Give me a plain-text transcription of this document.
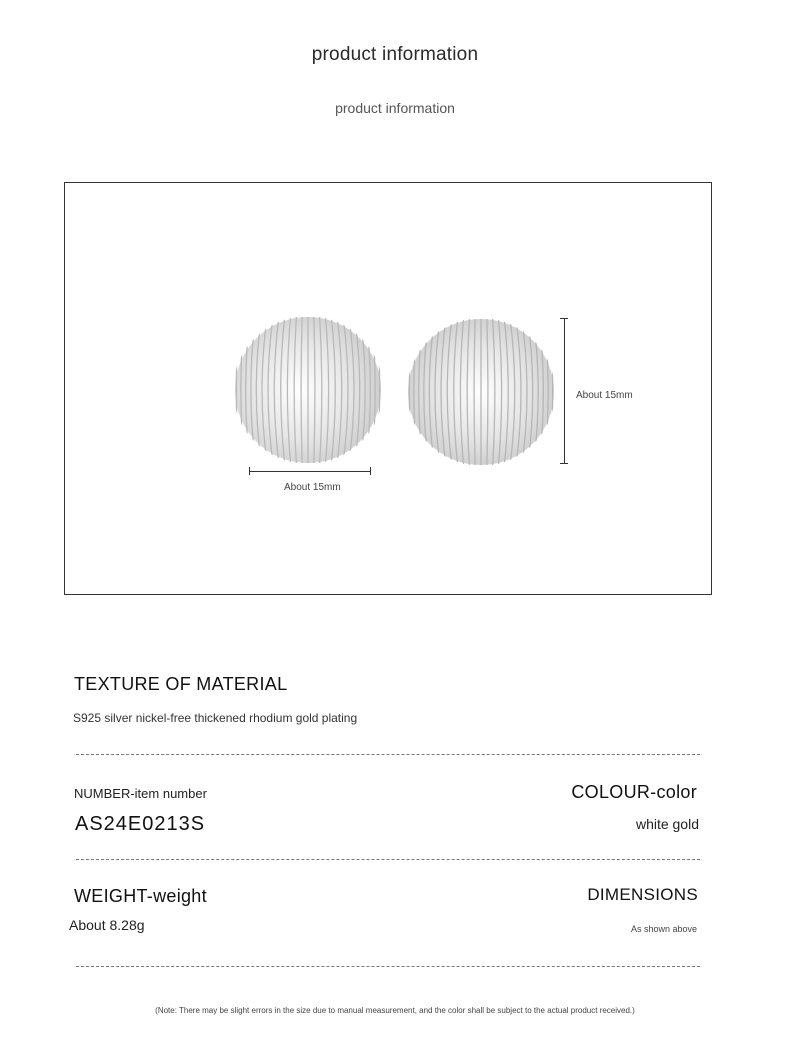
product information
product information
About 15mm
About 15mm
TEXTURE OF MATERIAL
S925 silver nickel-free thickened rhodium gold plating
NUMBER-item number
AS24E0213S
COLOUR-color
white gold
WEIGHT-weight
About 8.28g
DIMENSIONS
As shown above
(Note: There may be slight errors in the size due to manual measurement, and the color shall be subject to the actual product received.)
